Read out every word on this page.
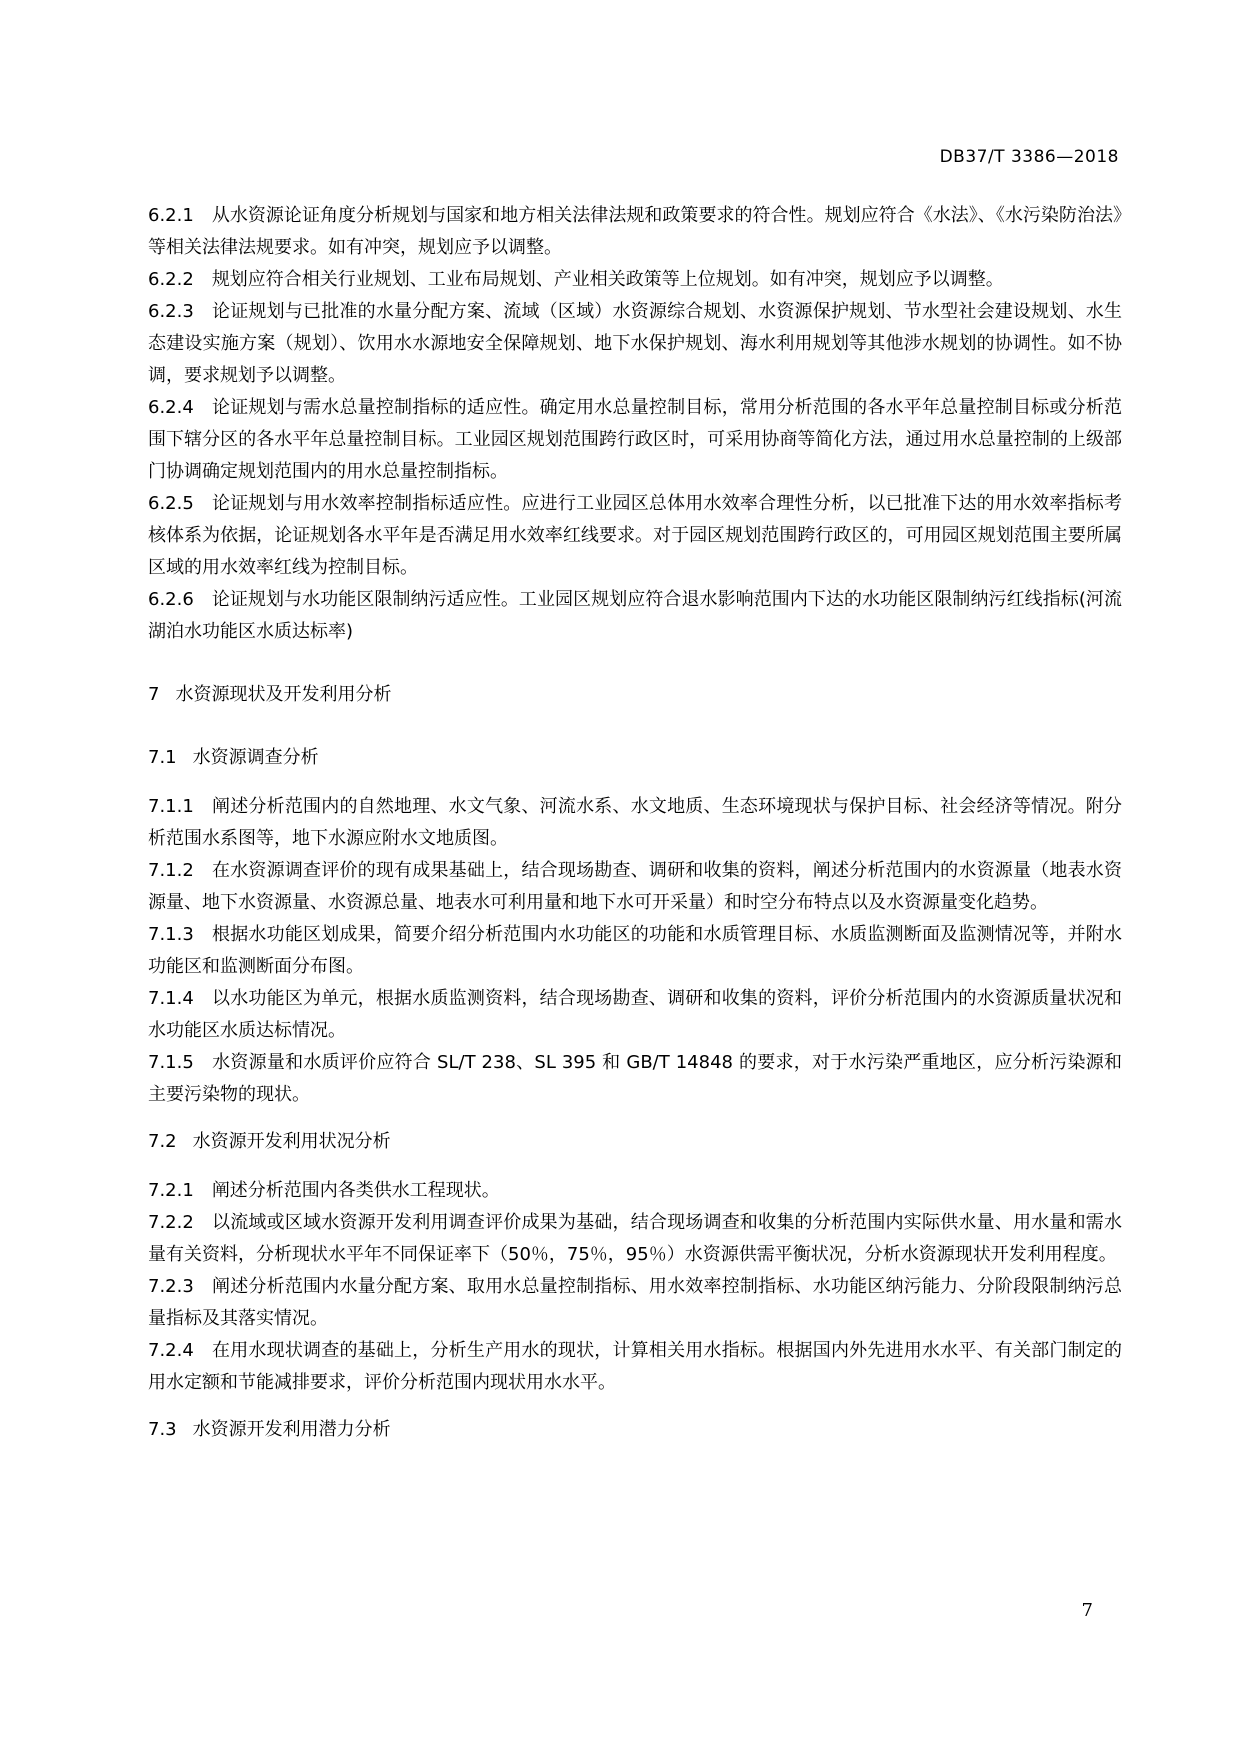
DB37/T 3386—2018

6.2.1 从水资源论证角度分析规划与国家和地方相关法律法规和政策要求的符合性。规划应符合《水法》、《水污染防治法》等相关法律法规要求。如有冲突，规划应予以调整。

6.2.2 规划应符合相关行业规划、工业布局规划、产业相关政策等上位规划。如有冲突，规划应予以调整。

6.2.3 论证规划与已批准的水量分配方案、流域（区域）水资源综合规划、水资源保护规划、节水型社会建设规划、水生态建设实施方案（规划）、饮用水水源地安全保障规划、地下水保护规划、海水利用规划等其他涉水规划的协调性。如不协调，要求规划予以调整。

6.2.4 论证规划与需水总量控制指标的适应性。确定用水总量控制目标，常用分析范围的各水平年总量控制目标或分析范围下辖分区的各水平年总量控制目标。工业园区规划范围跨行政区时，可采用协商等简化方法，通过用水总量控制的上级部门协调确定规划范围内的用水总量控制指标。

6.2.5 论证规划与用水效率控制指标适应性。应进行工业园区总体用水效率合理性分析，以已批准下达的用水效率指标考核体系为依据，论证规划各水平年是否满足用水效率红线要求。对于园区规划范围跨行政区的，可用园区规划范围主要所属区域的用水效率红线为控制目标。

6.2.6 论证规划与水功能区限制纳污适应性。工业园区规划应符合退水影响范围内下达的水功能区限制纳污红线指标(河流湖泊水功能区水质达标率)

7 水资源现状及开发利用分析

7.1 水资源调查分析

7.1.1 阐述分析范围内的自然地理、水文气象、河流水系、水文地质、生态环境现状与保护目标、社会经济等情况。附分析范围水系图等，地下水源应附水文地质图。

7.1.2 在水资源调查评价的现有成果基础上，结合现场勘查、调研和收集的资料，阐述分析范围内的水资源量（地表水资源量、地下水资源量、水资源总量、地表水可利用量和地下水可开采量）和时空分布特点以及水资源量变化趋势。

7.1.3 根据水功能区划成果，简要介绍分析范围内水功能区的功能和水质管理目标、水质监测断面及监测情况等，并附水功能区和监测断面分布图。

7.1.4 以水功能区为单元，根据水质监测资料，结合现场勘查、调研和收集的资料，评价分析范围内的水资源质量状况和水功能区水质达标情况。

7.1.5 水资源量和水质评价应符合 SL/T 238、SL 395 和 GB/T 14848 的要求，对于水污染严重地区，应分析污染源和主要污染物的现状。

7.2 水资源开发利用状况分析

7.2.1 阐述分析范围内各类供水工程现状。

7.2.2 以流域或区域水资源开发利用调查评价成果为基础，结合现场调查和收集的分析范围内实际供水量、用水量和需水量有关资料，分析现状水平年不同保证率下（50％，75％，95％）水资源供需平衡状况，分析水资源现状开发利用程度。

7.2.3 阐述分析范围内水量分配方案、取用水总量控制指标、用水效率控制指标、水功能区纳污能力、分阶段限制纳污总量指标及其落实情况。

7.2.4 在用水现状调查的基础上，分析生产用水的现状，计算相关用水指标。根据国内外先进用水水平、有关部门制定的用水定额和节能减排要求，评价分析范围内现状用水水平。

7.3 水资源开发利用潜力分析

7
